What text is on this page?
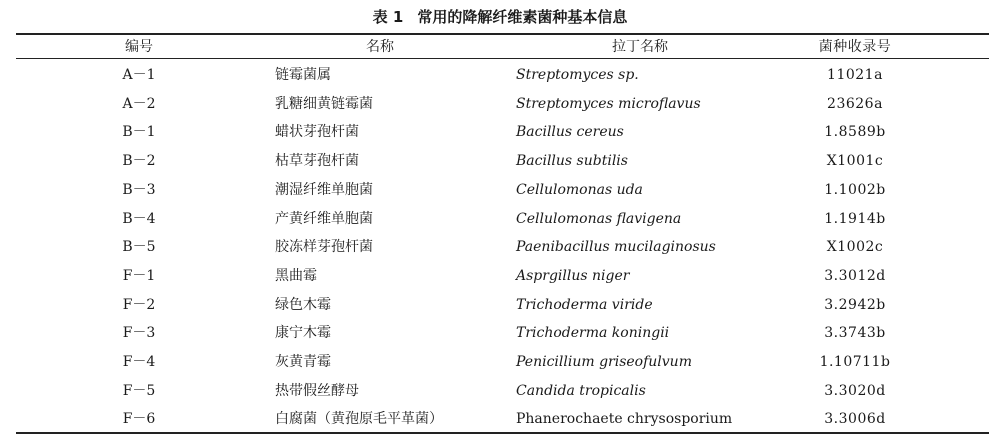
表 1 常用的降解纤维素菌种基本信息
编号	名称	拉丁名称	菌种收录号
A－1	链霉菌属	Streptomyces sp.	11021a
A－2	乳糖细黄链霉菌	Streptomyces microflavus	23626a
B－1	蜡状芽孢杆菌	Bacillus cereus	1.8589b
B－2	枯草芽孢杆菌	Bacillus subtilis	X1001c
B－3	潮湿纤维单胞菌	Cellulomonas uda	1.1002b
B－4	产黄纤维单胞菌	Cellulomonas flavigena	1.1914b
B－5	胶冻样芽孢杆菌	Paenibacillus mucilaginosus	X1002c
F－1	黑曲霉	Asprgillus niger	3.3012d
F－2	绿色木霉	Trichoderma viride	3.2942b
F－3	康宁木霉	Trichoderma koningii	3.3743b
F－4	灰黄青霉	Penicillium griseofulvum	1.10711b
F－5	热带假丝酵母	Candida tropicalis	3.3020d
F－6	白腐菌（黄孢原毛平革菌）	Phanerochaete chrysosporium	3.3006d
